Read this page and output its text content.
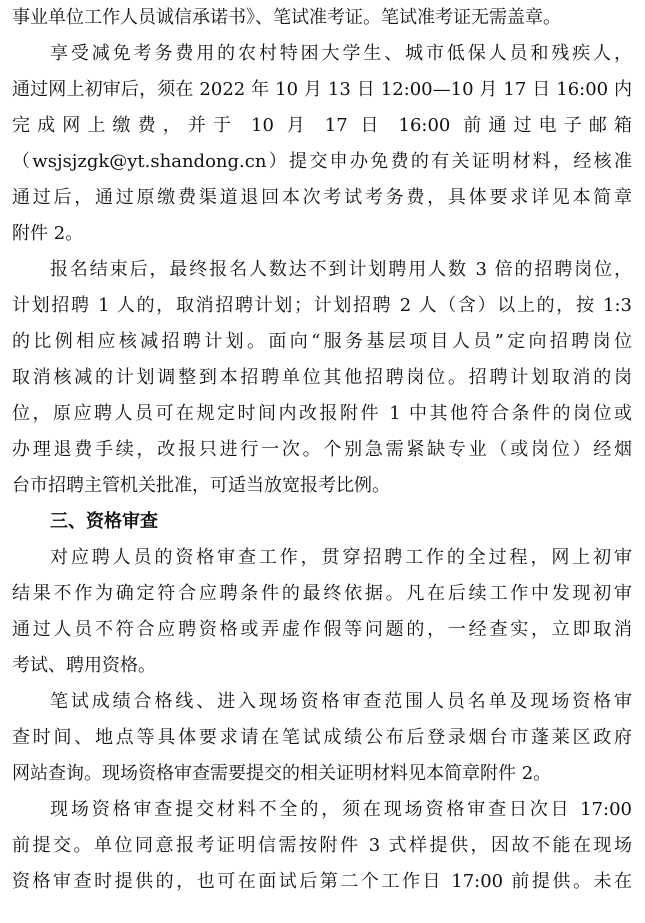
事业单位工作人员诚信承诺书》、笔试准考证。笔试准考证无需盖章。
享受减免考务费用的农村特困大学生、城市低保人员和残疾人，
通过网上初审后，须在 2022 年 10 月 13 日 12:00—10 月 17 日 16:00 内
完成网上缴费，并于 10 月 17 日 16:00 前通过电子邮箱
（wsjsjzgk@yt.shandong.cn）提交申办免费的有关证明材料，经核准
通过后，通过原缴费渠道退回本次考试考务费，具体要求详见本简章
附件 2。
报名结束后，最终报名人数达不到计划聘用人数 3 倍的招聘岗位，
计划招聘 1 人的，取消招聘计划；计划招聘 2 人（含）以上的，按 1:3
的比例相应核减招聘计划。面向“服务基层项目人员”定向招聘岗位
取消核减的计划调整到本招聘单位其他招聘岗位。招聘计划取消的岗
位，原应聘人员可在规定时间内改报附件 1 中其他符合条件的岗位或
办理退费手续，改报只进行一次。个别急需紧缺专业（或岗位）经烟
台市招聘主管机关批准，可适当放宽报考比例。
三、资格审查
对应聘人员的资格审查工作，贯穿招聘工作的全过程，网上初审
结果不作为确定符合应聘条件的最终依据。凡在后续工作中发现初审
通过人员不符合应聘资格或弄虚作假等问题的，一经查实，立即取消
考试、聘用资格。
笔试成绩合格线、进入现场资格审查范围人员名单及现场资格审
查时间、地点等具体要求请在笔试成绩公布后登录烟台市蓬莱区政府
网站查询。现场资格审查需要提交的相关证明材料见本简章附件 2。
现场资格审查提交材料不全的，须在现场资格审查日次日 17:00
前提交。单位同意报考证明信需按附件 3 式样提供，因故不能在现场
资格审查时提供的，也可在面试后第二个工作日 17:00 前提供。未在
